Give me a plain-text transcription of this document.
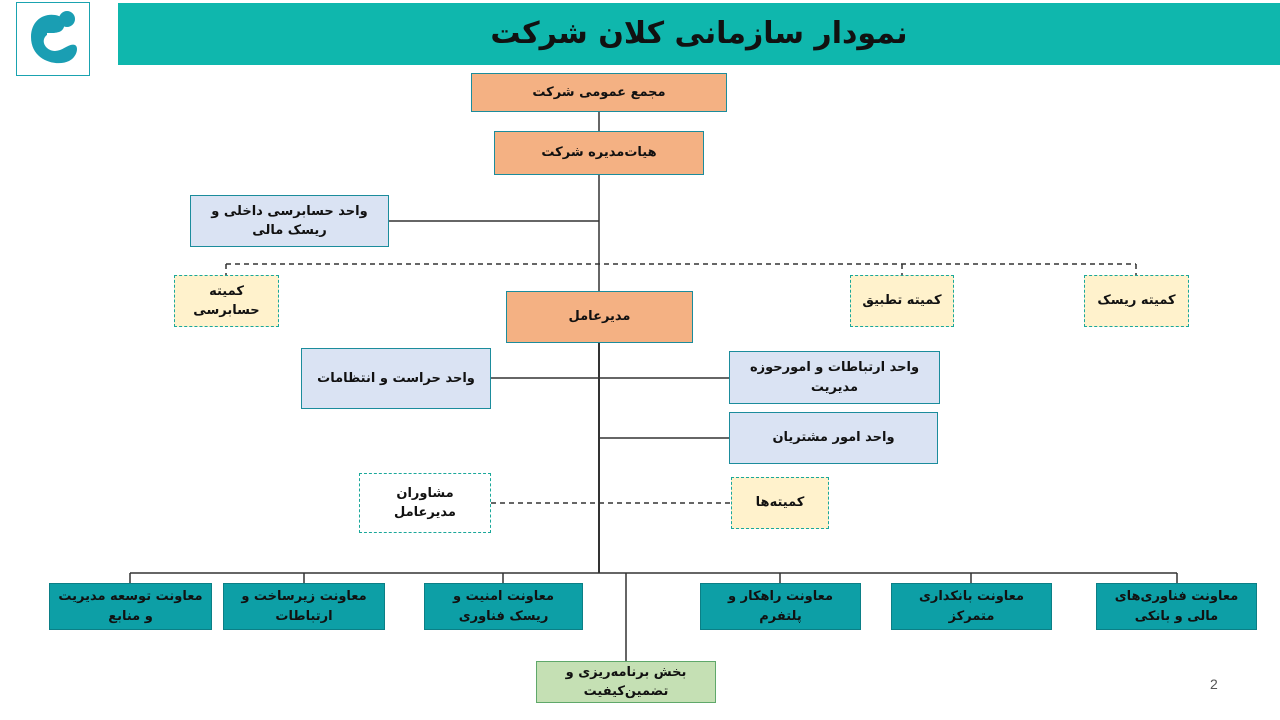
نمودار سازمانی کلان شرکت
مجمع عمومی شرکت
هیات‌مدیره شرکت
واحد حسابرسی داخلی و ریسک مالی
کمیته حسابرسی
کمیته تطبیق	کمیته ریسک
مدیرعامل
واحد حراست و انتظامات
واحد ارتباطات و امورحوزه مدیریت
واحد امور مشتریان
مشاوران مدیرعامل
کمیته‌ها
معاونت توسعه مدیریت و منابع
معاونت زیرساخت و ارتباطات
معاونت امنیت و ریسک فناوری
معاونت راهکار و پلتفرم
معاونت بانکداری متمرکز
معاونت فناوری‌های مالی و بانکی
بخش برنامه‌ریزی و تضمین‌کیفیت	2
